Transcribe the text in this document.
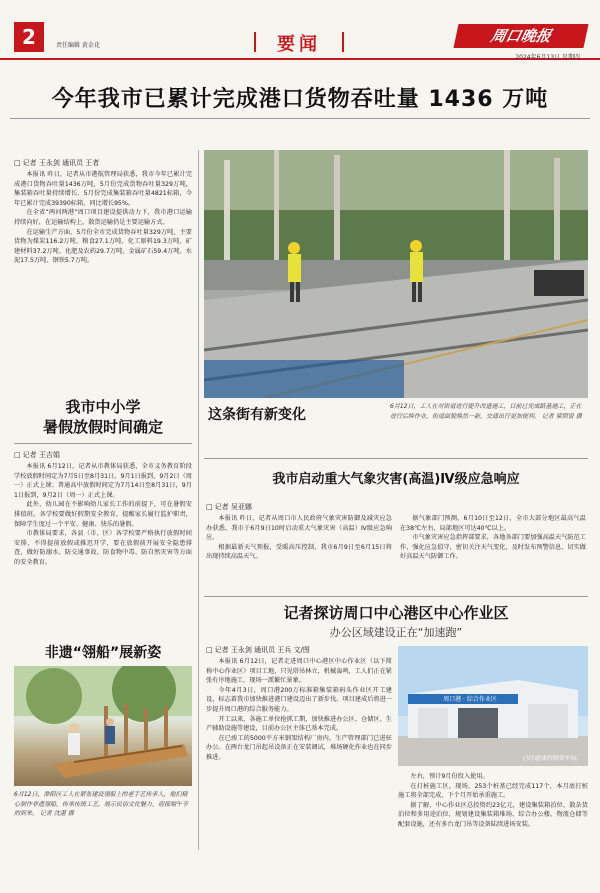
2	责任编辑 黄金花	要闻	周口晚报
2024年6月13日 星期四
今年我市已累计完成港口货物吞吐量 1436 万吨
□ 记者 王永剑 通讯员 王者

本报讯 昨日，记者从市港航管理局获悉，我市今年已累计完成港口货物吞吐量1436万吨，5月份完成货物吞吐量329万吨，集装箱吞吐量持续增长，5月份完成集装箱吞吐量4821标箱，今年已累计完成39390标箱，同比增长95%。

在全省“两河两港”周口项目建设提供动力下，我市港口运输持续向好，在运输结构上，散货运输仍是主要运输方式。

在运输生产方面，5月份全市完成货物吞吐量329万吨，主要货物为煤炭116.2万吨、粮食27.1万吨、化工原料19.3万吨、矿建材料37.2万吨、化肥及农药29.7万吨、金属矿石59.4万吨、水泥17.5万吨、钢铁5.7万吨。

我市中小学
暑假放假时间确定
□ 记者 王吉娟

本报讯 6月12日，记者从市教体局获悉，全市义务教育阶段学校放假时间定为7月5日至8月31日，9月1日报到，9月2日（周一）正式上课；普通高中放假时间定为7月14日至8月31日，9月1日报到，9月2日（周一）正式上课。

此外，幼儿园在不影响幼儿家长工作的前提下，可在暑假安排值班。各学校要做好假期安全教育，提醒家长履行监护职责，保障学生度过一个平安、健康、快乐的暑假。

市教体局要求，各县（市、区）各学校要严格执行放假时间安排，不得提前放假或推迟开学，要在放假前开展安全隐患排查，做好防溺水、防交通事故、防食物中毒、防自然灾害等方面的安全教育。

非遗“翎船”展新姿
6月12日，淮阳区工人在紧张建设翎船上的老手艺传承人，他们精心制作非遗翎船，传承传统工艺，展示民俗文化魅力，迎接端午节的到来。 记者 沈湛 摄
这条街有新变化
6月12日，工人在对街道进行提升改造施工，目前已完成路基施工，正在进行后续作业，街道面貌焕然一新，交通出行更加便利。 记者 梁照曾 摄
我市启动重大气象灾害(高温)Ⅳ级应急响应
□ 记者 吴亚娜

本报讯 昨日，记者从周口市人民政府气象灾害防御及减灾应急办获悉，我市于6月9日10时启动重大气象灾害（高温）Ⅳ级应急响应。

根据最新天气预报，受暖高压控制，我市6月9日至6月15日将出现持续高温天气。

据气象部门预测，6月10日至12日，全市大部分地区最高气温在38℃左右，局部地区可达40℃以上。

市气象灾害应急指挥部要求，各地各部门要加强高温天气防范工作，强化应急值守，密切关注天气变化，及时发布预警信息，切实做好高温天气防御工作。

记者探访周口中心港区中心作业区
办公区域建设正在“加速跑”
□ 记者 王永剑 通讯员 王兵 文/图

本报讯 6月12日，记者走进周口中心港区中心作业区（以下简称中心作业区）项目工地，只见塔吊林立，机械轰鸣，工人们正在紧张有序地施工，现场一派繁忙景象。

今年4月3日，周口港200万标准箱集装箱码头作业区开工建设，标志着我市加快推进港口建设迈出了新步伐。项目建成后将进一步提升周口港的综合服务能力。

开工以来，各施工单位抢抓工期，加快推进办公区、仓储区、生产辅助设施等建设，目前办公区主体已基本完成。

在已竣工的5000平方米钢架结构厂房内，生产管理部门已进驻办公。在两台龙门吊起吊设备正在安装调试，堆场硬化作业也在同步推进。

周口港 · 综合作业区
已经建成的钢架车间。

左右，预计9月份投入使用。

在打桩施工区，现场，253个桩基已经完成117个，本月底打桩施工将全部完成，下个月开始承重施工。

据了解，中心作业区总投资约23亿元，建设集装箱泊位、散杂货泊位和多用途泊位，规划建设集装箱堆场、综合办公楼、物流仓储等配套设施，还有多台龙门吊等设备陆续进场安装。
